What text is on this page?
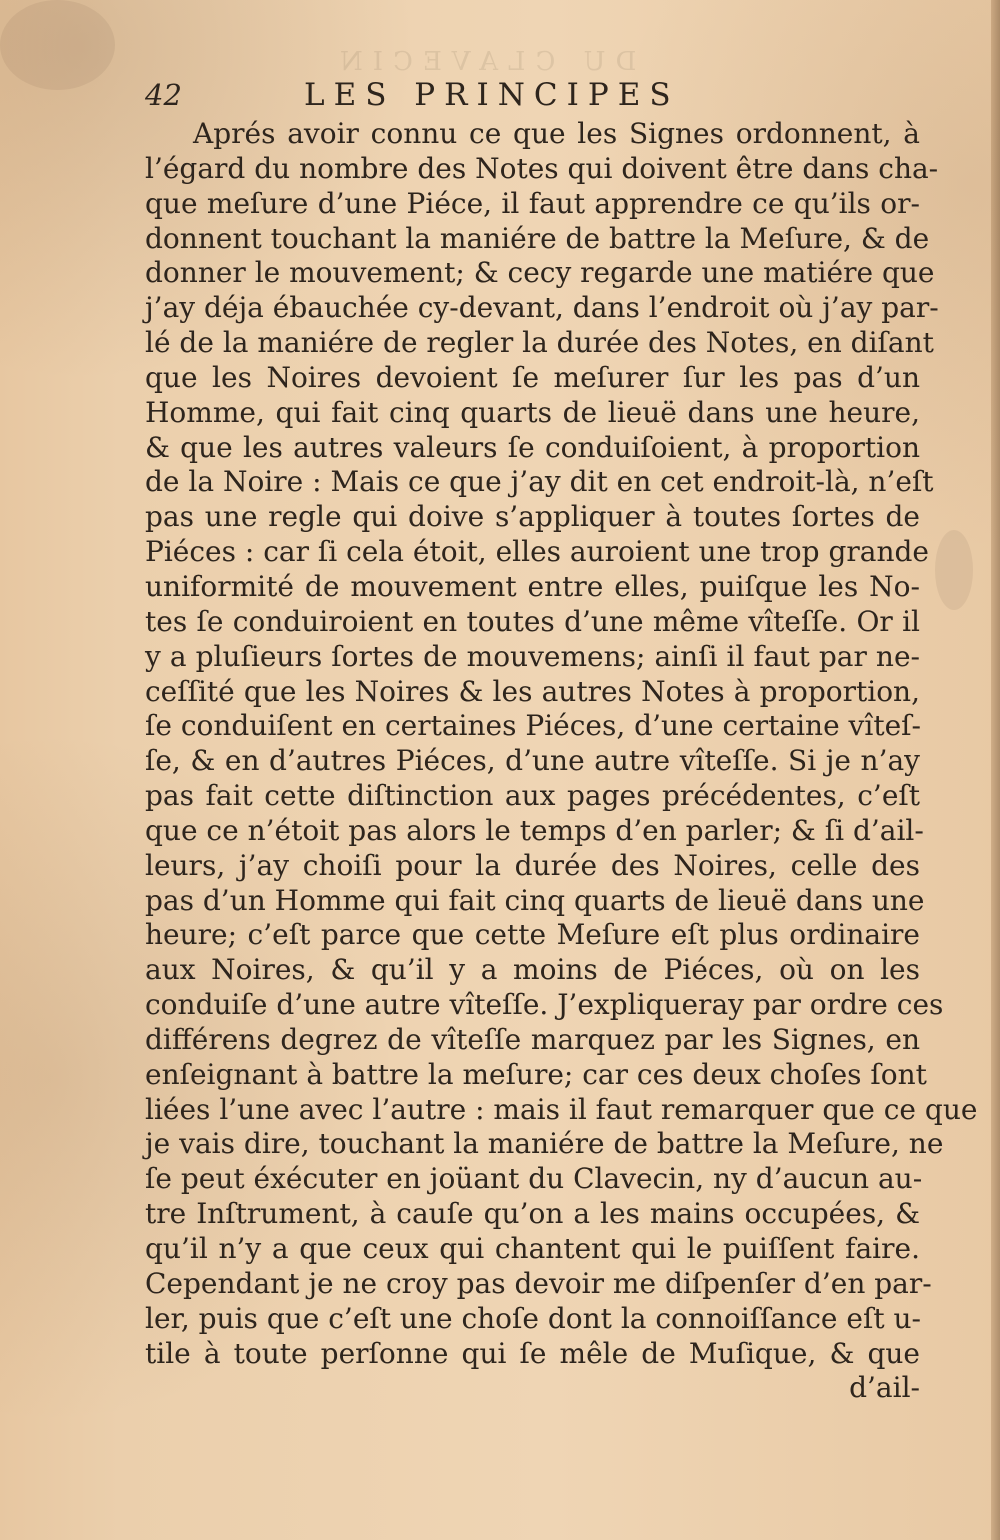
DU CLAVECIN
42	LES PRINCIPES
Aprés avoir connu ce que les Signes ordonnent, à
l’égard du nombre des Notes qui doivent être dans cha-
que meſure d’une Piéce, il faut apprendre ce qu’ils or-
donnent touchant la maniére de battre la Meſure, & de
donner le mouvement; & cecy regarde une matiére que
j’ay déja ébauchée cy-devant, dans l’endroit où j’ay par-
lé de la maniére de regler la durée des Notes, en diſant
que les Noires devoient ſe meſurer ſur les pas d’un
Homme, qui fait cinq quarts de lieuë dans une heure,
& que les autres valeurs ſe conduiſoient, à proportion
de la Noire : Mais ce que j’ay dit en cet endroit-là, n’eſt
pas une regle qui doive s’appliquer à toutes ſortes de
Piéces : car ſi cela étoit, elles auroient une trop grande
uniformité de mouvement entre elles, puiſque les No-
tes ſe conduiroient en toutes d’une même vîteſſe. Or il
y a pluſieurs ſortes de mouvemens; ainſi il faut par ne-
ceſſité que les Noires & les autres Notes à proportion,
ſe conduiſent en certaines Piéces, d’une certaine vîteſ-
ſe, & en d’autres Piéces, d’une autre vîteſſe. Si je n’ay
pas fait cette diſtinction aux pages précédentes, c’eſt
que ce n’étoit pas alors le temps d’en parler; & ſi d’ail-
leurs, j’ay choiſi pour la durée des Noires, celle des
pas d’un Homme qui fait cinq quarts de lieuë dans une
heure; c’eſt parce que cette Meſure eſt plus ordinaire
aux Noires, & qu’il y a moins de Piéces, où on les
conduiſe d’une autre vîteſſe. J’expliqueray par ordre ces
différens degrez de vîteſſe marquez par les Signes, en
enſeignant à battre la meſure; car ces deux choſes ſont
liées l’une avec l’autre : mais il faut remarquer que ce que
je vais dire, touchant la maniére de battre la Meſure, ne
ſe peut éxécuter en joüant du Clavecin, ny d’aucun au-
tre Inſtrument, à cauſe qu’on a les mains occupées, &
qu’il n’y a que ceux qui chantent qui le puiſſent faire.
Cependant je ne croy pas devoir me diſpenſer d’en par-
ler, puis que c’eſt une choſe dont la connoiſſance eſt u-
tile à toute perſonne qui ſe mêle de Muſique, & que
d’ail-
